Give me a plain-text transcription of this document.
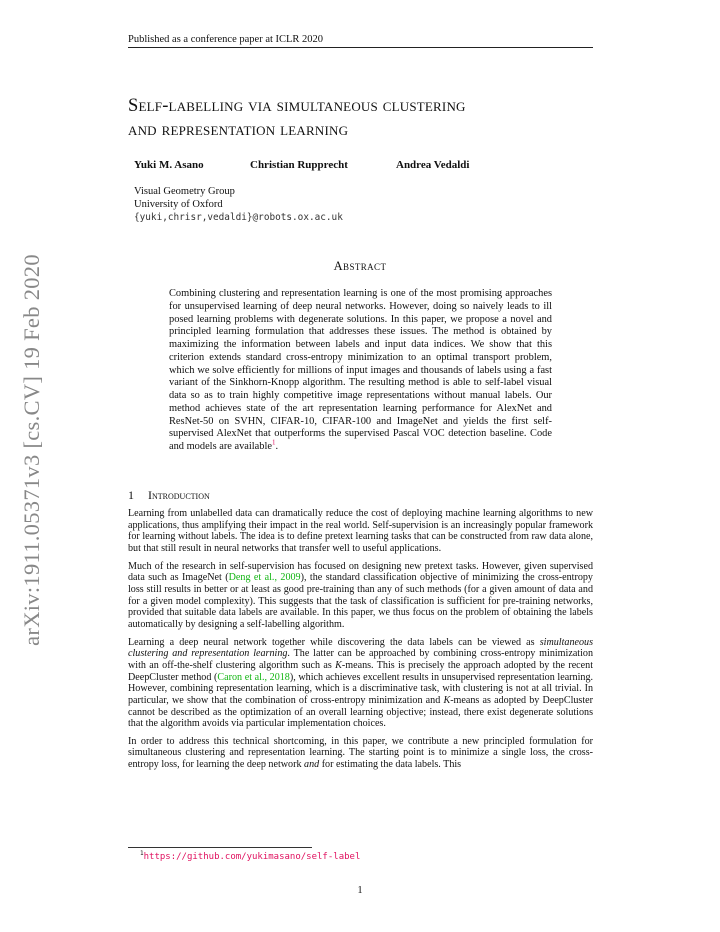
Published as a conference paper at ICLR 2020
arXiv:1911.05371v3 [cs.CV] 19 Feb 2020
Self-labelling via simultaneous clustering
and representation learning
Yuki M. Asano	Christian Rupprecht	Andrea Vedaldi
Visual Geometry Group
University of Oxford
{yuki,chrisr,vedaldi}@robots.ox.ac.uk
Abstract
Combining clustering and representation learning is one of the most promising approaches for unsupervised learning of deep neural networks. However, doing so naively leads to ill posed learning problems with degenerate solutions. In this paper, we propose a novel and principled learning formulation that addresses these issues. The method is obtained by maximizing the information between labels and input data indices. We show that this criterion extends standard cross-entropy minimization to an optimal transport problem, which we solve efficiently for millions of input images and thousands of labels using a fast variant of the Sinkhorn-Knopp algorithm. The resulting method is able to self-label visual data so as to train highly competitive image representations without manual labels. Our method achieves state of the art representation learning performance for AlexNet and ResNet-50 on SVHN, CIFAR-10, CIFAR-100 and ImageNet and yields the first self-supervised AlexNet that outperforms the supervised Pascal VOC detection baseline. Code and models are available$^1$.
1 Introduction

Learning from unlabelled data can dramatically reduce the cost of deploying machine learning algorithms to new applications, thus amplifying their impact in the real world. Self-supervision is an increasingly popular framework for learning without labels. The idea is to define pretext learning tasks that can be constructed from raw data alone, but that still result in neural networks that transfer well to useful applications.

Much of the research in self-supervision has focused on designing new pretext tasks. However, given supervised data such as ImageNet (Deng et al., 2009), the standard classification objective of minimizing the cross-entropy loss still results in better or at least as good pre-training than any of such methods (for a given amount of data and for a given model complexity). This suggests that the task of classification is sufficient for pre-training networks, provided that suitable data labels are available. In this paper, we thus focus on the problem of obtaining the labels automatically by designing a self-labelling algorithm.

Learning a deep neural network together while discovering the data labels can be viewed as simultaneous clustering and representation learning. The latter can be approached by combining cross-entropy minimization with an off-the-shelf clustering algorithm such as K-means. This is precisely the approach adopted by the recent DeepCluster method (Caron et al., 2018), which achieves excellent results in unsupervised representation learning. However, combining representation learning, which is a discriminative task, with clustering is not at all trivial. In particular, we show that the combination of cross-entropy minimization and K-means as adopted by DeepCluster cannot be described as the optimization of an overall learning objective; instead, there exist degenerate solutions that the algorithm avoids via particular implementation choices.

In order to address this technical shortcoming, in this paper, we contribute a new principled formulation for simultaneous clustering and representation learning. The starting point is to minimize a single loss, the cross-entropy loss, for learning the deep network and for estimating the data labels. This

$^1$https://github.com/yukimasano/self-label
1
